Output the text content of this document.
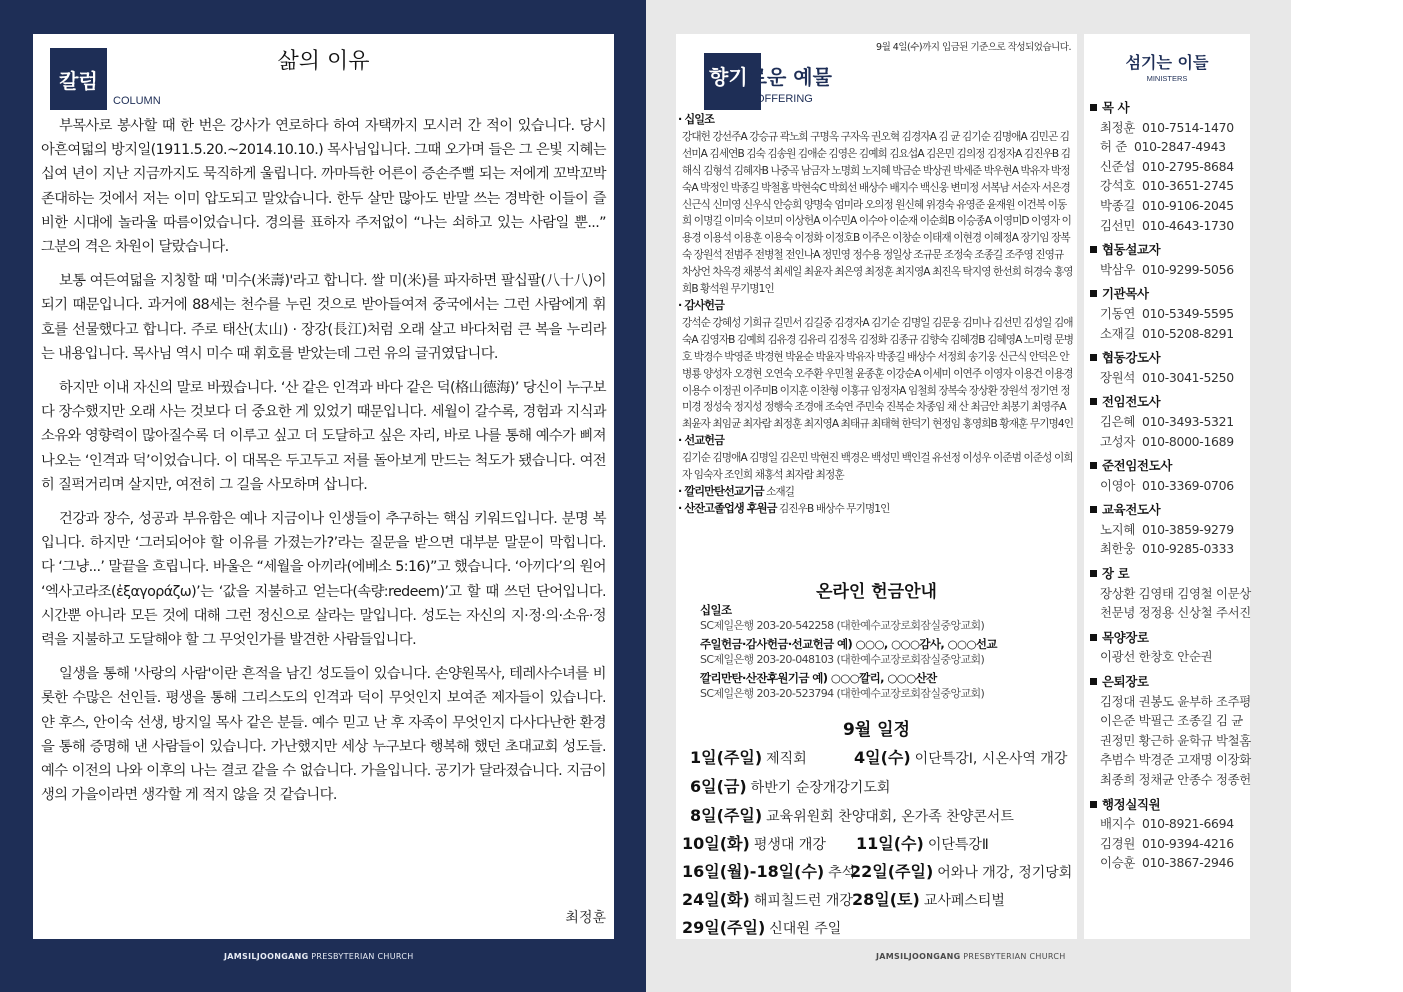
칼럼
COLUMN
삶의 이유

부목사로 봉사할 때 한 번은 강사가 연로하다 하여 자택까지 모시러 간 적이 있습니다. 당시 아흔여덟의 방지일(1911.5.20.~2014.10.10.) 목사님입니다. 그때 오가며 들은 그 은빛 지혜는 십여 년이 지난 지금까지도 묵직하게 울립니다. 까마득한 어른이 증손주뻘 되는 저에게 꼬박꼬박 존대하는 것에서 저는 이미 압도되고 말았습니다. 한두 살만 많아도 반말 쓰는 경박한 이들이 즐비한 시대에 놀라울 따름이었습니다. 경의를 표하자 주저없이 “나는 쇠하고 있는 사람일 뿐...” 그분의 격은 차원이 달랐습니다.

보통 여든여덟을 지칭할 때 '미수(米壽)'라고 합니다. 쌀 미(米)를 파자하면 팔십팔(八十八)이 되기 때문입니다. 과거에 88세는 천수를 누린 것으로 받아들여져 중국에서는 그런 사람에게 휘호를 선물했다고 합니다. 주로 태산(太山) · 장강(長江)처럼 오래 살고 바다처럼 큰 복을 누리라는 내용입니다. 목사님 역시 미수 때 휘호를 받았는데 그런 유의 글귀였답니다.

하지만 이내 자신의 말로 바꿨습니다. ‘산 같은 인격과 바다 같은 덕(格山德海)’ 당신이 누구보다 장수했지만 오래 사는 것보다 더 중요한 게 있었기 때문입니다. 세월이 갈수록, 경험과 지식과 소유와 영향력이 많아질수록 더 이루고 싶고 더 도달하고 싶은 자리, 바로 나를 통해 예수가 삐져나오는 ‘인격과 덕’이었습니다. 이 대목은 두고두고 저를 돌아보게 만드는 척도가 됐습니다. 여전히 질퍽거리며 살지만, 여전히 그 길을 사모하며 삽니다.

건강과 장수, 성공과 부유함은 예나 지금이나 인생들이 추구하는 핵심 키워드입니다. 분명 복입니다. 하지만 ‘그러되어야 할 이유를 가졌는가?’라는 질문을 받으면 대부분 말문이 막힙니다. 다 ‘그냥...’ 말끝을 흐립니다. 바울은 “세월을 아끼라(에베소 5:16)”고 했습니다. ‘아끼다’의 원어 ‘엑사고라조(ἐξαγοράζω)’는 ‘값을 지불하고 얻는다(속량:redeem)’고 할 때 쓰던 단어입니다. 시간뿐 아니라 모든 것에 대해 그런 정신으로 살라는 말입니다. 성도는 자신의 지·정·의·소유·정력을 지불하고 도달해야 할 그 무엇인가를 발견한 사람들입니다.

일생을 통해 '사랑의 사람'이란 흔적을 남긴 성도들이 있습니다. 손양원목사, 테레사수녀를 비롯한 수많은 선인들. 평생을 통해 그리스도의 인격과 덕이 무엇인지 보여준 제자들이 있습니다. 얀 후스, 안이숙 선생, 방지일 목사 같은 분들. 예수 믿고 난 후 자족이 무엇인지 다사다난한 환경을 통해 증명해 낸 사람들이 있습니다. 가난했지만 세상 누구보다 행복해 했던 초대교회 성도들. 예수 이전의 나와 이후의 나는 결코 같을 수 없습니다. 가을입니다. 공기가 달라졌습니다. 지금이 생의 가을이라면 생각할 게 적지 않을 것 같습니다.

최정훈
JAMSILJOONGANG PRESBYTERIAN CHURCH
9월 4일(수)까지 입금된 기준으로 작성되었습니다.
향기로운 예물
OFFERING
· 십일조
강대헌 강선주A 강승규 곽노희 구명옥 구자옥 권오혁 김경자A 김 균 김기순 김명애A 김민곤 김선미A 김세연B 김숙 김송원 김애순 김영은 김예희 김요섭A 김은민 김의정 김정자A 김진우B 김해식 김형석 김혜자B 나중곡 남금자 노명희 노지혜 박금순 박상권 박세준 박우현A 박유자 박정숙A 박정인 박종길 박철홈 박현숙C 박희선 배상수 배지수 백신웅 변미정 서복남 서순자 서은경 신근식 신미영 신우식 안승희 양명숙 엄미라 오의정 원신혜 위경숙 유영준 윤재원 이건복 이동희 이명길 이미숙 이보미 이상헌A 이수민A 이수아 이순재 이순희B 이승종A 이영미D 이영자 이용경 이용석 이용훈 이용숙 이정화 이정호B 이주은 이창순 이태재 이현경 이혜정A 장기임 장복숙 장원석 전범주 전병철 전인나A 정민영 정수용 정일상 조규문 조정숙 조종길 조주영 진영규 차상언 차옥경 채봉석 최세일 최윤자 최은영 최정훈 최지영A 최진옥 탁지영 한선희 허경숙 홍영희B 황석원 무기명1인
· 감사헌금
강석순 강혜성 기희규 길민서 김길중 김경자A 김기순 김명일 김문웅 김미나 김선민 김성일 김애숙A 김영자B 김예희 김유경 김유리 김정옥 김정화 김종규 김향숙 김혜경B 김혜영A 노미령 문병호 박경수 박영준 박경현 박윤순 박윤자 박유자 박종길 배상수 서정희 송기웅 신근식 안덕은 안병룡 양성자 오경현 오연숙 오주환 우민철 윤종훈 이강순A 이세미 이연주 이영자 이용건 이용경 이용수 이정권 이주미B 이지훈 이찬형 이홍규 임정자A 임철희 장복숙 장상환 장원석 정기연 정미경 정성숙 정지성 정행숙 조경애 조숙연 주민숙 진복순 차종임 채 산 최금안 최봉기 최영주A 최윤자 최임균 최자람 최정훈 최지영A 최태규 최태혁 한덕기 현정임 홍영희B 황재훈 무기명4인
· 선교헌금
김기순 김명애A 김명일 김은민 박현진 백경은 백성민 백인걸 유선정 이성우 이준범 이준성 이희자 임숙자 조인희 채홍석 최자람 최정훈
· 깔리만탄선교기금 소재길
· 산잔고졸업생 후원금 김진우B 배상수 무기명1인
온라인 헌금안내
십일조
SC제일은행 203-20-542258 (대한예수교장로회잠실중앙교회)
주일헌금·감사헌금·선교헌금 예) ○○○, ○○○감사, ○○○선교
SC제일은행 203-20-048103 (대한예수교장로회잠실중앙교회)
깔리만탄·산잔후원기금 예) ○○○깔리, ○○○산잔
SC제일은행 203-20-523794 (대한예수교장로회잠실중앙교회)
9월 일정
1일(주일) 제직회	4일(수) 이단특강Ⅰ, 시온사역 개강
6일(금) 하반기 순장개강기도회
8일(주일) 교육위원회 찬양대회, 온가족 찬양콘서트
10일(화) 평생대 개강 11일(수) 이단특강Ⅱ
16일(월)-18일(수) 추석
22일(주일) 어와나 개강, 정기당회
24일(화) 해피칠드런 개강 28일(토) 교사페스티벌
29일(주일) 신대원 주일
섬기는 이들
MINISTERS
목 사
최정훈 010-7514-1470
허 준 010-2847-4943
신준섭 010-2795-8684
강석호 010-3651-2745
박종길 010-9106-2045
김선민 010-4643-1730
협동설교자
박삼우 010-9299-5056
기관목사
기동연 010-5349-5595
소재길 010-5208-8291
협동강도사
장원석 010-3041-5250
전임전도사
김은혜 010-3493-5321
고성자 010-8000-1689
준전임전도사
이영아 010-3369-0706
교육전도사
노지혜 010-3859-9279
최한웅 010-9285-0333
장 로
장상환 김영태 김영철 이문상
천문녕 정정용 신상철 주서진
목양장로
이광선 한창호 안순권
은퇴장로
김정대 권봉도 윤부하 조주평
이은준 박필근 조종길 김 균
권정민 황근하 윤학규 박철홈
추범수 박경준 고재명 이장화
최종희 정채균 안종수 정종헌
행정실직원
배지수 010-8921-6694
김경원 010-9394-4216
이승훈 010-3867-2946
JAMSILJOONGANG PRESBYTERIAN CHURCH
